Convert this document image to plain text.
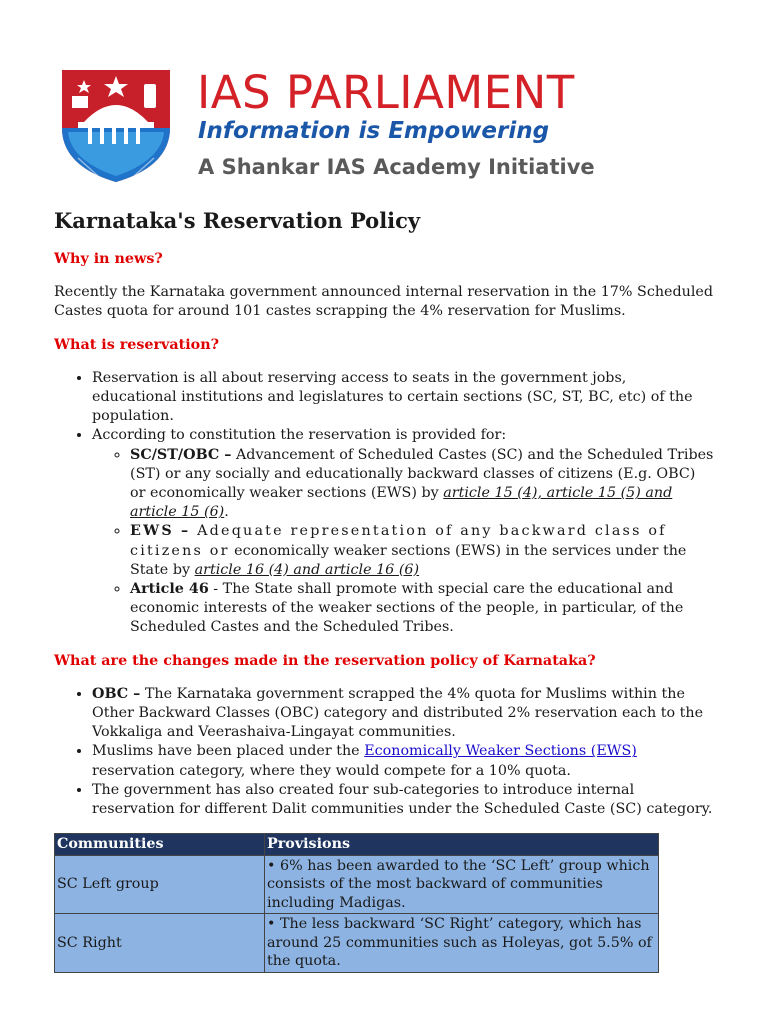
IAS PARLIAMENT
Information is Empowering
A Shankar IAS Academy Initiative
Karnataka's Reservation Policy
Why in news?

Recently the Karnataka government announced internal reservation in the 17% Scheduled Castes quota for around 101 castes scrapping the 4% reservation for Muslims.

What is reservation?
• Reservation is all about reserving access to seats in the government jobs, educational institutions and legislatures to certain sections (SC, ST, BC, etc) of the population.
• According to constitution the reservation is provided for:
◦ SC/ST/OBC – Advancement of Scheduled Castes (SC) and the Scheduled Tribes (ST) or any socially and educationally backward classes of citizens (E.g. OBC) or economically weaker sections (EWS) by article 15 (4), article 15 (5) and article 15 (6).
◦ EWS – Adequate representation of any backward class of citizens or economically weaker sections (EWS) in the services under the State by article 16 (4) and article 16 (6)
◦ Article 46 - The State shall promote with special care the educational and economic interests of the weaker sections of the people, in particular, of the Scheduled Castes and the Scheduled Tribes.
What are the changes made in the reservation policy of Karnataka?
• OBC – The Karnataka government scrapped the 4% quota for Muslims within the Other Backward Classes (OBC) category and distributed 2% reservation each to the Vokkaliga and Veerashaiva-Lingayat communities.
• Muslims have been placed under the Economically Weaker Sections (EWS) reservation category, where they would compete for a 10% quota.
• The government has also created four sub-categories to introduce internal reservation for different Dalit communities under the Scheduled Caste (SC) category.
Communities	Provisions
SC Left group	• 6% has been awarded to the ‘SC Left’ group which consists of the most backward of communities including Madigas.
SC Right	• The less backward ‘SC Right’ category, which has around 25 communities such as Holeyas, got 5.5% of the quota.
